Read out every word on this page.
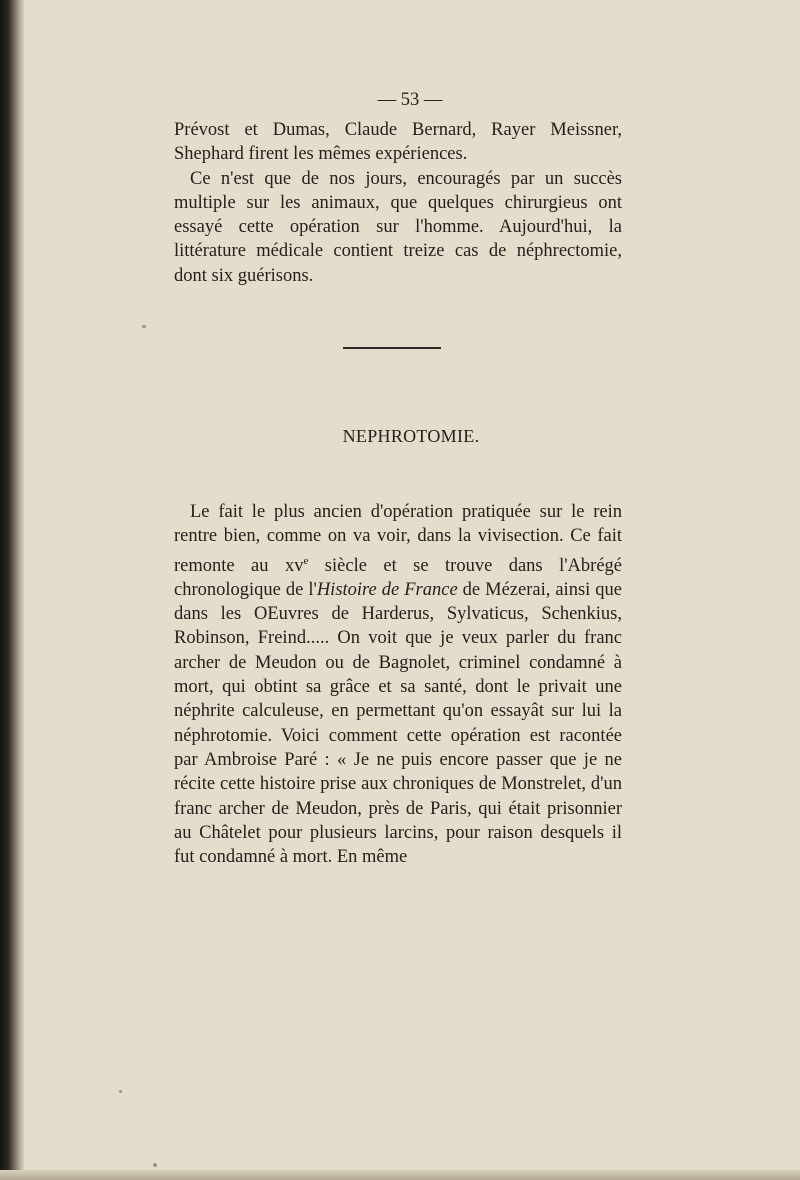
— 53 —

Prévost et Dumas, Claude Bernard, Rayer Meissner, Shephard firent les mêmes expériences.

Ce n'est que de nos jours, encouragés par un succès multiple sur les animaux, que quelques chirurgieus ont essayé cette opération sur l'homme. Aujourd'hui, la littérature médicale contient treize cas de néphrectomie, dont six guérisons.

NEPHROTOMIE.

Le fait le plus ancien d'opération pratiquée sur le rein rentre bien, comme on va voir, dans la vivisection. Ce fait remonte au $xv^e$ siècle et se trouve dans l'Abrégé chronologique de l'Histoire de France de Mézerai, ainsi que dans les OEuvres de Harderus, Sylvaticus, Schenkius, Robinson, Freind..... On voit que je veux parler du franc archer de Meudon ou de Bagnolet, criminel condamné à mort, qui obtint sa grâce et sa santé, dont le privait une néphrite calculeuse, en permettant qu'on essayât sur lui la néphrotomie. Voici comment cette opération est racontée par Ambroise Paré : « Je ne puis encore passer que je ne récite cette histoire prise aux chroniques de Monstrelet, d'un franc archer de Meudon, près de Paris, qui était prisonnier au Châtelet pour plusieurs larcins, pour raison desquels il fut condamné à mort. En même
